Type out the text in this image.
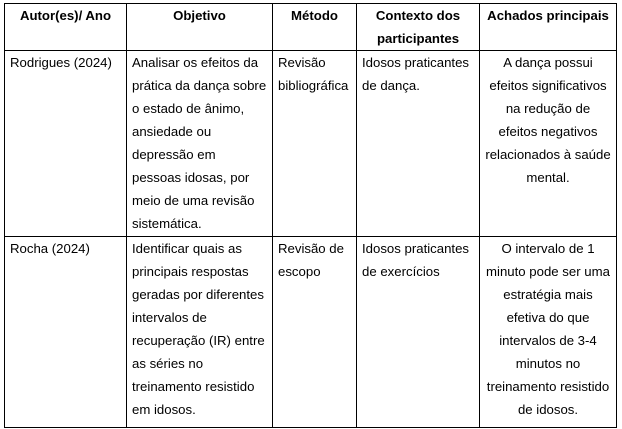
Autor(es)/ Ano	Objetivo	Método	Contexto dos participantes	Achados principais
Rodrigues (2024)	Analisar os efeitos da prática da dança sobre o estado de ânimo, ansiedade ou depressão em pessoas idosas, por meio de uma revisão sistemática.	Revisão bibliográfica	Idosos praticantes de dança.	A dança possui efeitos significativos na redução de efeitos negativos relacionados à saúde mental.
Rocha (2024)	Identificar quais as principais respostas geradas por diferentes intervalos de recuperação (IR) entre as séries no treinamento resistido em idosos.	Revisão de escopo	Idosos praticantes de exercícios	O intervalo de 1 minuto pode ser uma estratégia mais efetiva do que intervalos de 3-4 minutos no treinamento resistido de idosos.
